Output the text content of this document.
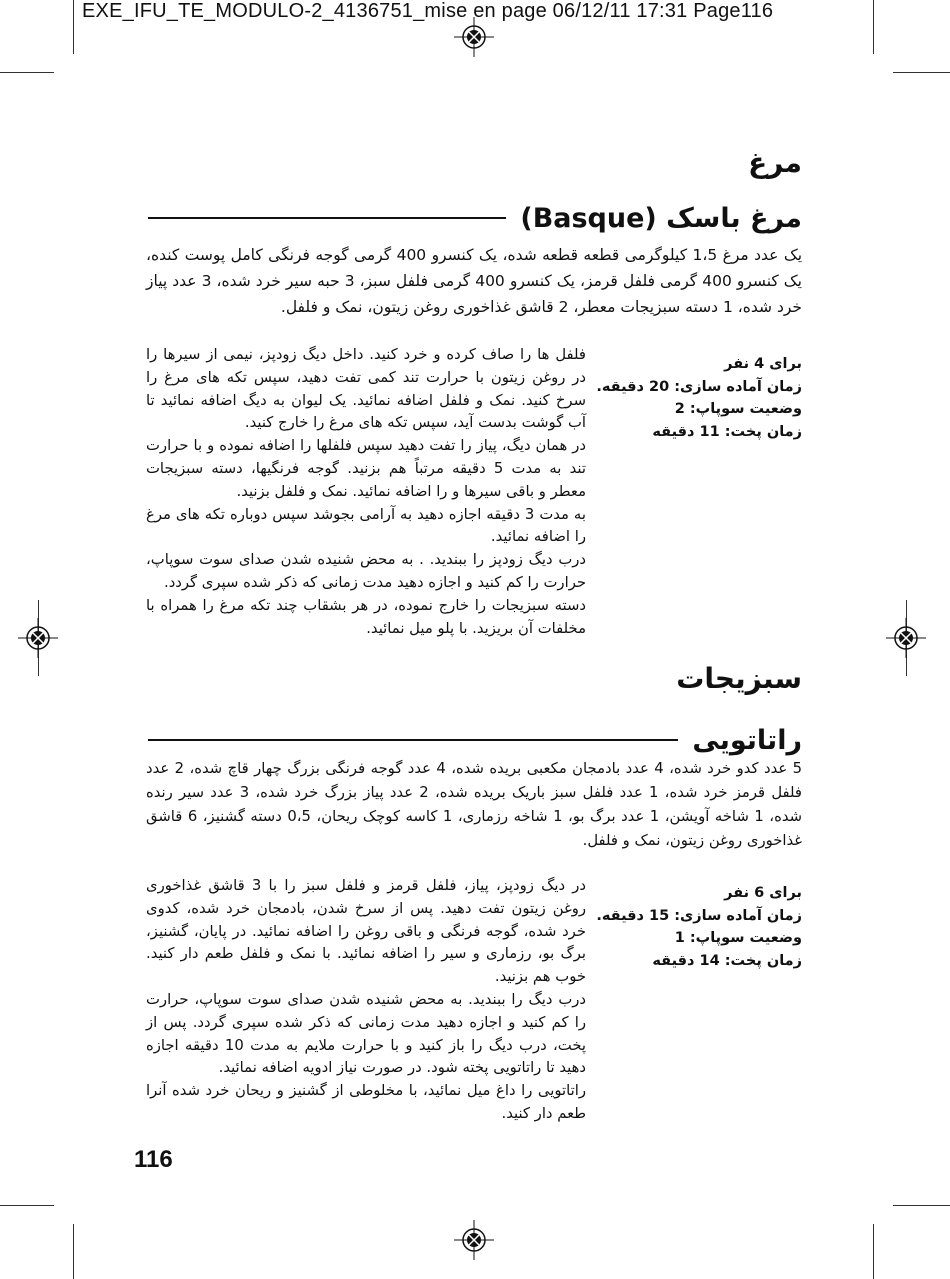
EXE_IFU_TE_MODULO-2_4136751_mise en page 06/12/11 17:31 Page116
مرغ
مرغ باسک (Basque)
یک عدد مرغ 1،5 کیلوگرمی قطعه قطعه شده، یک کنسرو 400 گرمی گوجه فرنگی کامل پوست کنده، یک کنسرو 400 گرمی فلفل قرمز، یک کنسرو 400 گرمی فلفل سبز، 3 حبه سیر خرد شده، 3 عدد پیاز خرد شده، 1 دسته سبزیجات معطر، 2 قاشق غذاخوری روغن زیتون، نمک و فلفل.
برای 4 نفر
زمان آماده سازی: 20 دقیقه.
وضعیت سوپاپ: 2
زمان پخت: 11 دقیقه

فلفل ها را صاف کرده و خرد کنید. داخل دیگ زودپز، نیمی از سیرها را در روغن زیتون با حرارت تند کمی تفت دهید، سپس تکه های مرغ را سرخ کنید. نمک و فلفل اضافه نمائید. یک لیوان به دیگ اضافه نمائید تا آب گوشت بدست آید، سپس تکه های مرغ را خارج کنید.

در همان دیگ، پیاز را تفت دهید سپس فلفلها را اضافه نموده و با حرارت تند به مدت 5 دقیقه مرتباً هم بزنید. گوجه فرنگیها، دسته سبزیجات معطر و باقی سیرها و را اضافه نمائید. نمک و فلفل بزنید.

به مدت 3 دقیقه اجازه دهید به آرامی بجوشد سپس دوباره تکه های مرغ را اضافه نمائید.

درب دیگ زودپز را ببندید. . به محض شنیده شدن صدای سوت سوپاپ، حرارت را کم کنید و اجازه دهید مدت زمانی که ذکر شده سپری گردد.

دسته سبزیجات را خارج نموده، در هر بشقاب چند تکه مرغ را همراه با مخلفات آن بریزید. با پلو میل نمائید.

سبزیجات
راتاتویی
5 عدد کدو خرد شده، 4 عدد بادمجان مکعبی بریده شده، 4 عدد گوجه فرنگی بزرگ چهار قاچ شده، 2 عدد فلفل قرمز خرد شده، 1 عدد فلفل سبز باریک بریده شده، 2 عدد پیاز بزرگ خرد شده، 3 عدد سیر رنده شده، 1 شاخه آویشن، 1 عدد برگ بو، 1 شاخه رزماری، 1 کاسه کوچک ریحان، 0،5 دسته گشنیز، 6 قاشق غذاخوری روغن زیتون، نمک و فلفل.
برای 6 نفر
زمان آماده سازی: 15 دقیقه.
وضعیت سوپاپ: 1
زمان پخت: 14 دقیقه

در دیگ زودپز، پیاز، فلفل قرمز و فلفل سبز را با 3 قاشق غذاخوری روغن زیتون تفت دهید. پس از سرخ شدن، بادمجان خرد شده، کدوی خرد شده، گوجه فرنگی و باقی روغن را اضافه نمائید. در پایان، گشنیز، برگ بو، رزماری و سیر را اضافه نمائید. با نمک و فلفل طعم دار کنید. خوب هم بزنید.

درب دیگ را ببندید. به محض شنیده شدن صدای سوت سوپاپ، حرارت را کم کنید و اجازه دهید مدت زمانی که ذکر شده سپری گردد. پس از پخت، درب دیگ را باز کنید و با حرارت ملایم به مدت 10 دقیقه اجازه دهید تا راتاتویی پخته شود. در صورت نیاز ادویه اضافه نمائید.

راتاتویی را داغ میل نمائید، با مخلوطی از گشنیز و ریحان خرد شده آنرا طعم دار کنید.

116
